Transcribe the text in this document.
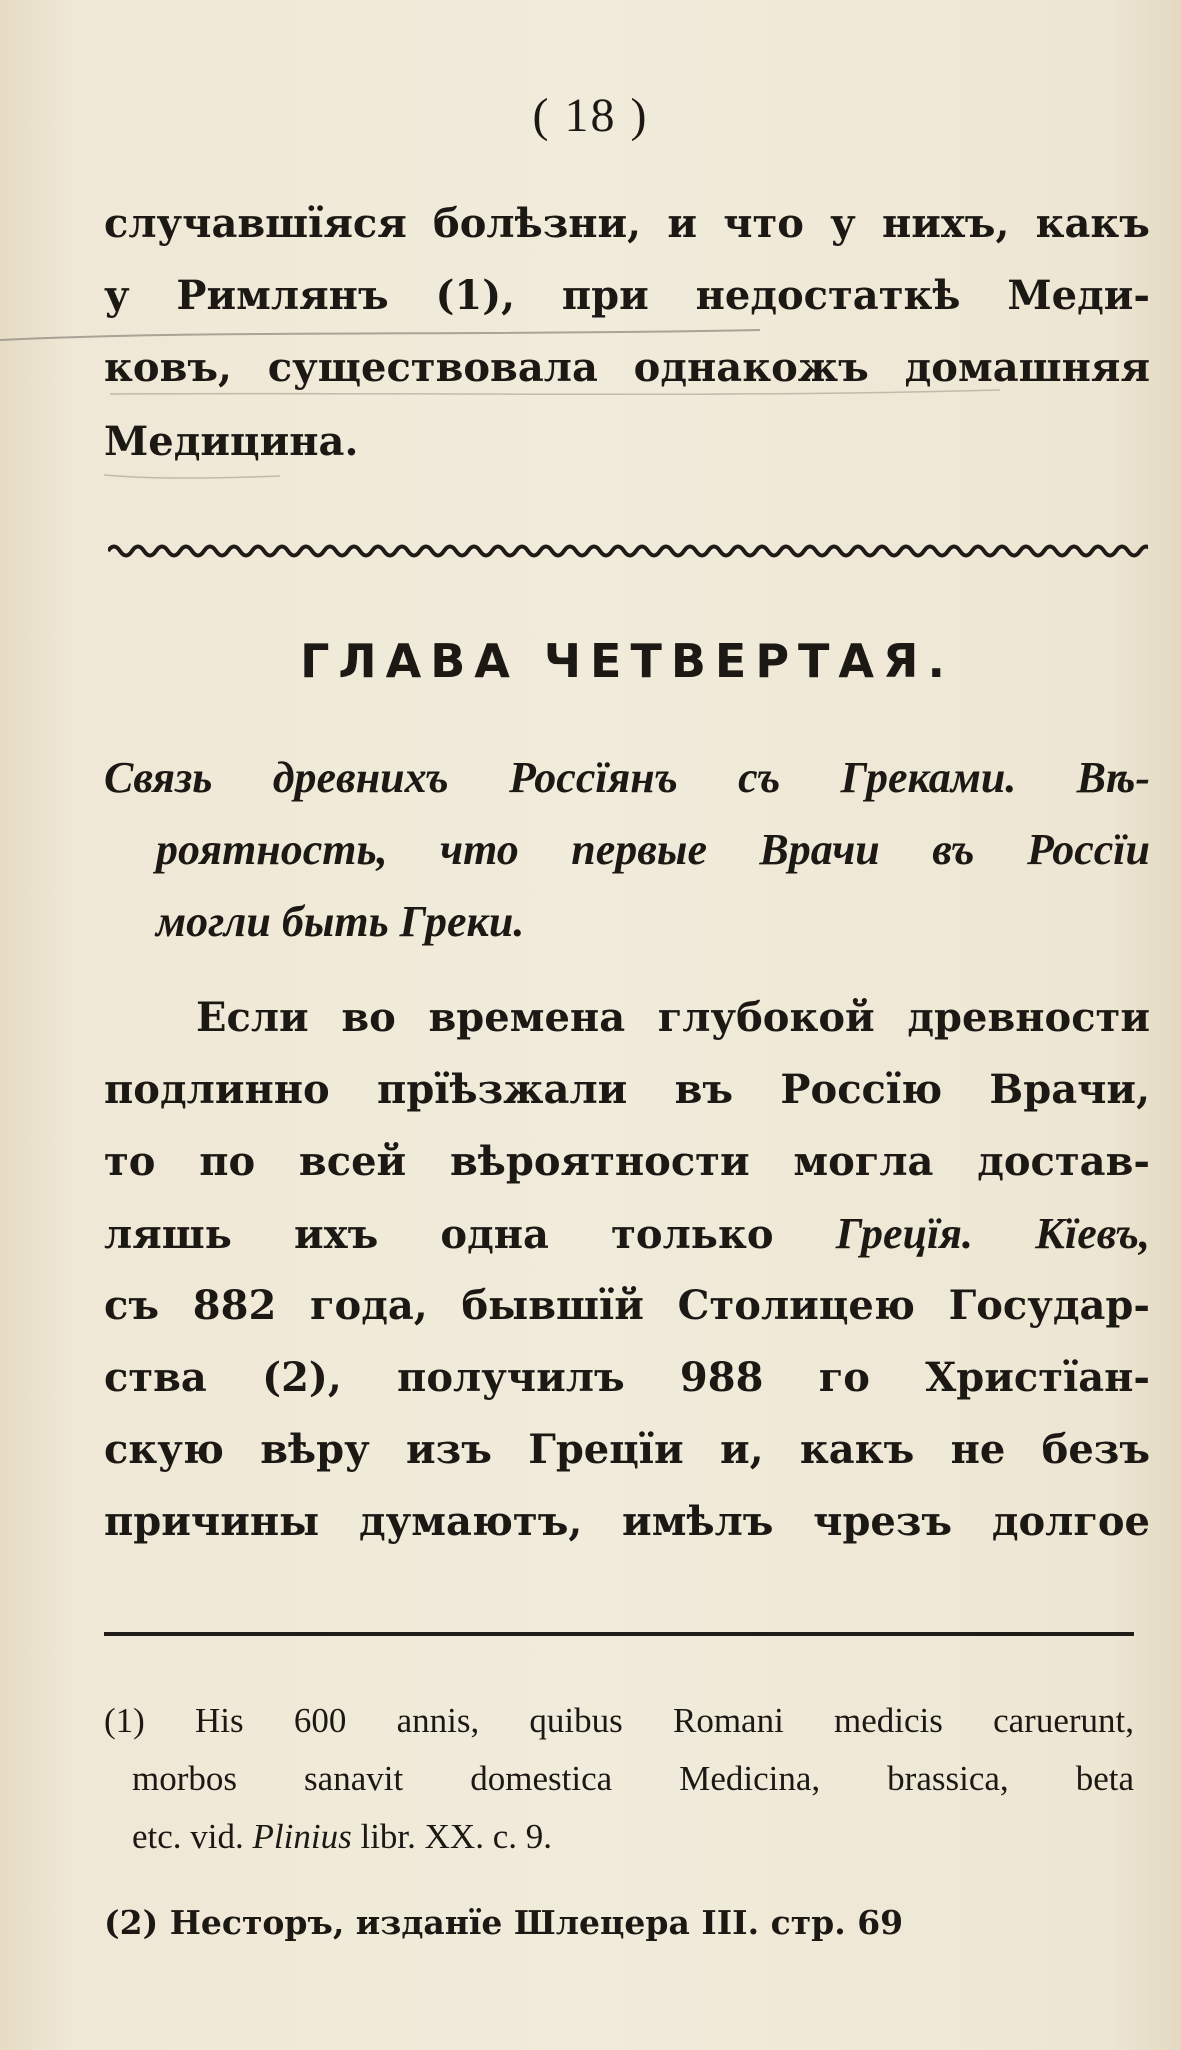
( 18 )
случавшїяся болѣзни, и что у нихъ, какъ
у Римлянъ (1), при недостаткѣ Меди-
ковъ, существовала однакожъ домашняя
Медицина.
ГЛАВА ЧЕТВЕРТАЯ.
Связь древнихъ Россїянъ съ Греками. Вѣ-
роятность, что первые Врачи въ Россїи
могли быть Греки.
Если во времена глубокой древности
подлинно прїѣзжали въ Россїю Врачи,
то по всей вѣроятности могла достав-
ляшь ихъ одна только Грецїя. Кїевъ,
съ 882 года, бывшїй Столицею Государ-
ства (2), получилъ 988 го Христїан-
скую вѣру изъ Грецїи и, какъ не безъ
причины думаютъ, имѣлъ чрезъ долгое
(1) His 600 annis, quibus Romani medicis caruerunt,
morbos sanavit domestica Medicina, brassica, beta
etc. vid. Plinius libr. XX. c. 9.
(2) Несторъ, изданїе Шлецера III. стр. 69
